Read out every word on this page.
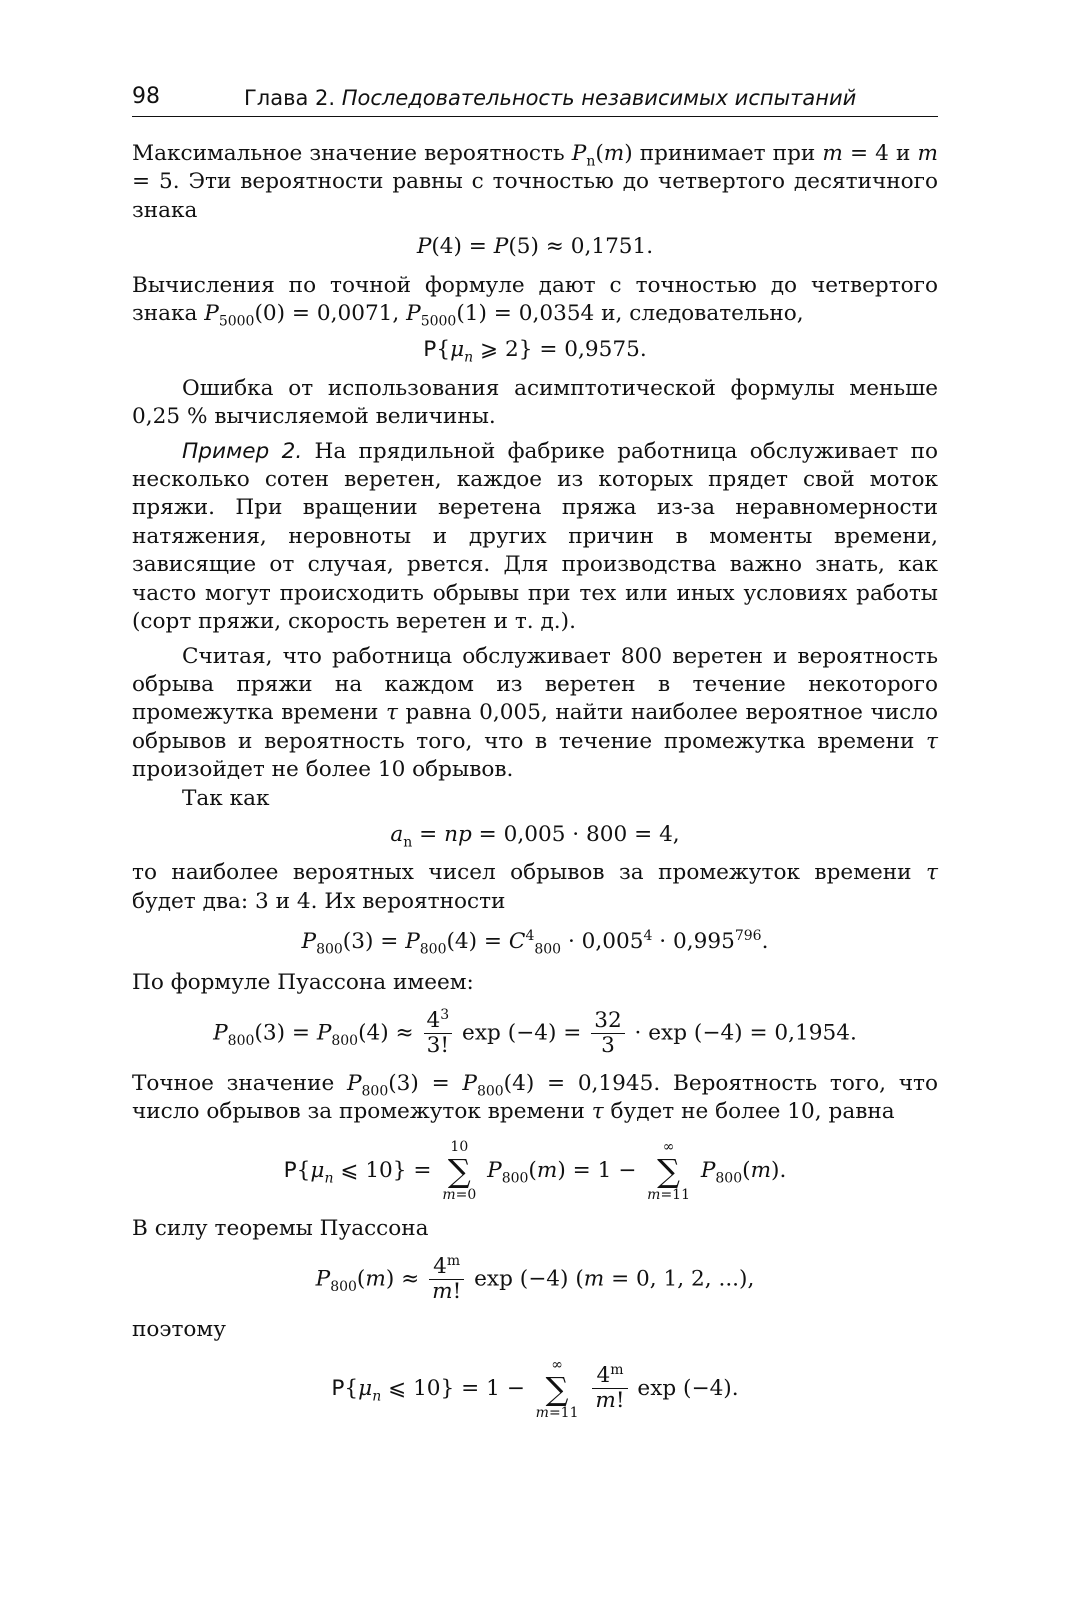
98	Глава 2. Последовательность независимых испытаний

Максимальное значение вероятность $P_n(m)$ принимает при m = 4 и m = 5. Эти вероятности равны с точностью до четвертого десятичного знака

P(4) = P(5) ≈ 0,1751.

Вычисления по точной формуле дают с точностью до четвертого знака $P_{5000}(0) = 0,0071$, $P_{5000}(1) = 0,0354$ и, следовательно,

$P\{\mu_n$ ⩾ 2} = 0,9575.

Ошибка от использования асимптотической формулы меньше 0,25 % вычисляемой величины.

Пример 2. На прядильной фабрике работница обслуживает по несколько сотен веретен, каждое из которых прядет свой моток пряжи. При вращении веретена пряжа из-за неравномерности натяжения, неровноты и других причин в моменты времени, зависящие от случая, рвется. Для производства важно знать, как часто могут происходить обрывы при тех или иных условиях работы (сорт пряжи, скорость веретен и т. д.).

Считая, что работница обслуживает 800 веретен и вероятность обрыва пряжи на каждом из веретен в течение некоторого промежутка времени τ равна 0,005, найти наиболее вероятное число обрывов и вероятность того, что в течение промежутка времени τ произойдет не более 10 обрывов.

Так как

$a_n$ = np = 0,005 · 800 = 4,

то наиболее вероятных чисел обрывов за промежуток времени τ будет два: 3 и 4. Их вероятности

$P_{800}(3) = P_{800}(4) = C^4_{800} \cdot 0,005^4 \cdot 0,995^{796}$.

По формуле Пуассона имеем:

$P_{800}(3) = P_{800}(4) \approx \frac{4^3}{3!}$ $\exp (-4) = \frac{32}{3} \cdot \exp (-4) = 0,1954$.

Точное значение $P_{800}(3) = P_{800}(4) = 0,1945$. Вероятность того, что число обрывов за промежуток времени τ будет не более 10, равна

$P\{\mu_n$ ⩽ 10} =
10
∑
m=0
$P_{800}(m) = 1$ −
∞
∑
m=11
$P_{800}(m)$.

В силу теоремы Пуассона

$P_{800}(m) \approx \frac{4^m}{m!}$ exp (−4) (m = 0, 1, 2, ...),

поэтому

$P\{\mu_n$ ⩽ 10} = 1 −
∞
∑
m=11
$\frac{4^m}{m!}$ exp (−4).
